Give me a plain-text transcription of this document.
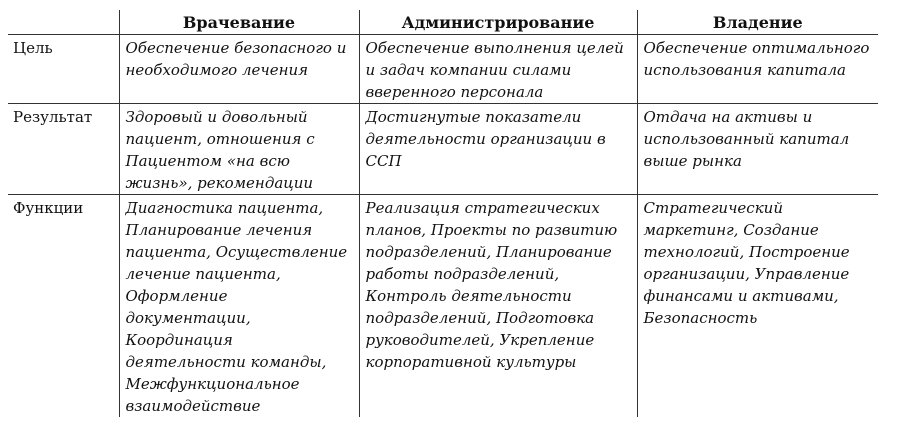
	Врачевание	Администрирование	Владение
Цель	Обеспечение безопасного и необходимого лечения	Обеспечение выполнения целей и задач компании силами вверенного персонала	Обеспечение оптимального использования капитала
Результат	Здоровый и довольный пациент, отношения с Пациентом «на всю жизнь», рекомендации	Достигнутые показатели деятельности организации в ССП	Отдача на активы и использованный капитал выше рынка
Функции	Диагностика пациента, Планирование лечения пациента, Осуществление лечение пациента, Оформление документации, Координация деятельности команды, Межфункциональное взаимодействие	Реализация стратегических планов, Проекты по развитию подразделений, Планирование работы подразделений, Контроль деятельности подразделений, Подготовка руководителей, Укрепление корпоративной культуры	Стратегический маркетинг, Создание технологий, Построение организации, Управление финансами и активами, Безопасность
